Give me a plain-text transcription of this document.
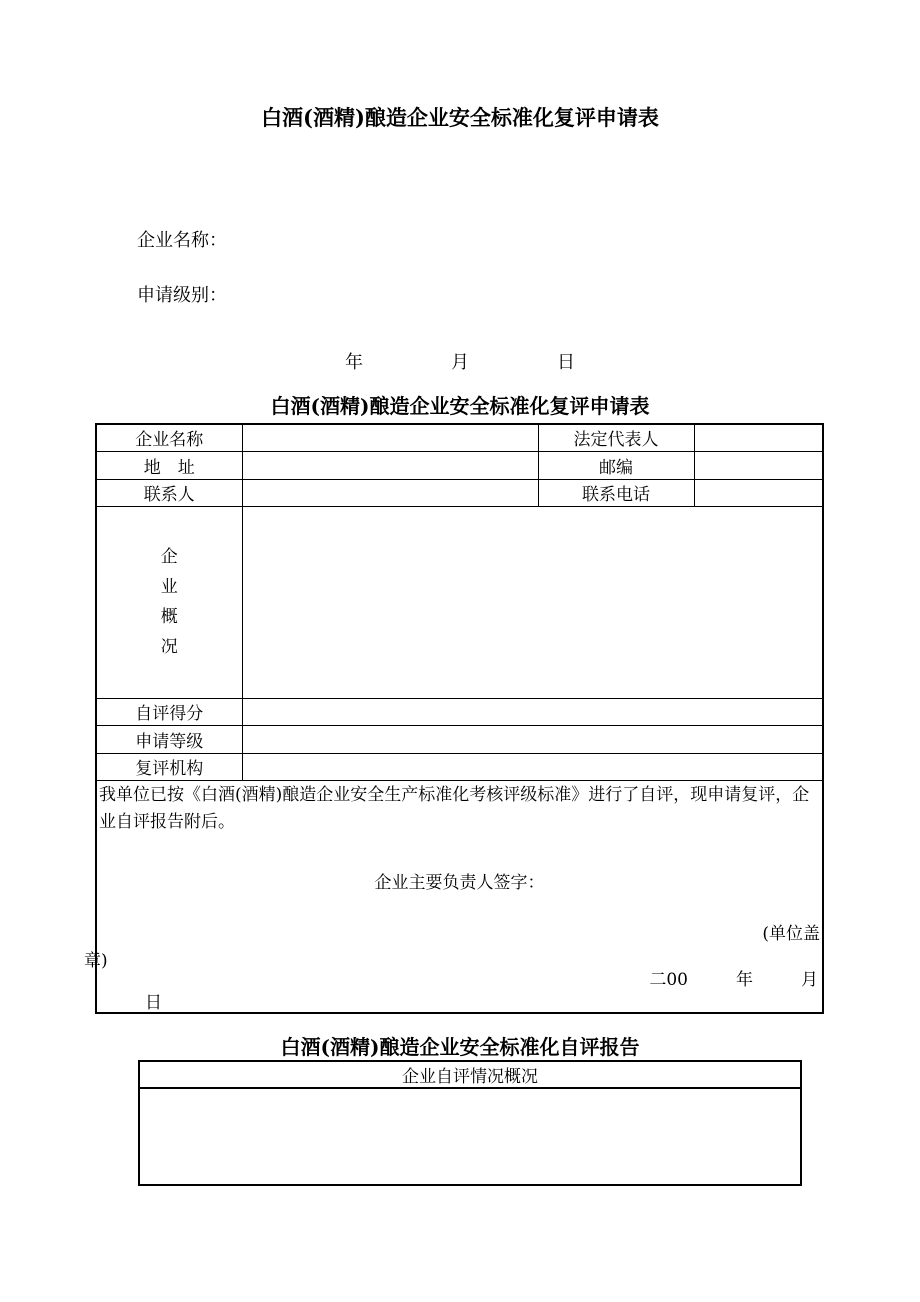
白酒(酒精)酿造企业安全标准化复评申请表
企业名称：
申请级别：
年	月	日
白酒(酒精)酿造企业安全标准化复评申请表
企业名称		法定代表人	
地　址		邮编	
联系人		联系电话	

企
业
概
况			

自评得分			
申请等级			
复评机构			

我单位已按《白酒(酒精)酿造企业安全生产标准化考核评级标准》进行了自评，现申请复评，企业自评报告附后。
企业主要负责人签字：
(单位盖
章)
二00	年	月
日
白酒(酒精)酿造企业安全标准化自评报告
企业自评情况概况
